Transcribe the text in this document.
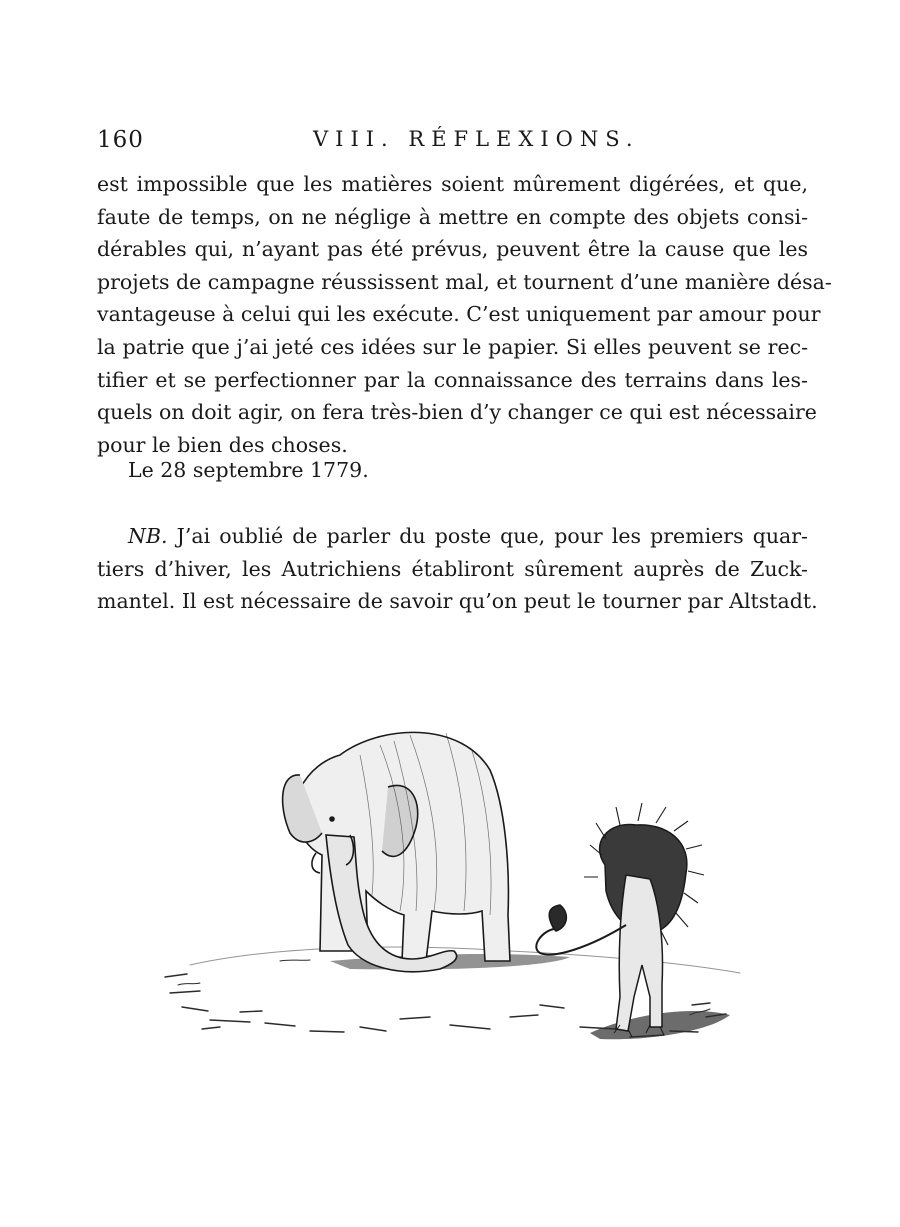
160	VIII. RÉFLEXIONS.
est impossible que les matières soient mûrement digérées, et que,
faute de temps, on ne néglige à mettre en compte des objets consi-
dérables qui, n’ayant pas été prévus, peuvent être la cause que les
projets de campagne réussissent mal, et tournent d’une manière désa-
vantageuse à celui qui les exécute. C’est uniquement par amour pour
la patrie que j’ai jeté ces idées sur le papier. Si elles peuvent se rec-
tifier et se perfectionner par la connaissance des terrains dans les-
quels on doit agir, on fera très-bien d’y changer ce qui est nécessaire
pour le bien des choses.
Le 28 septembre 1779.
NB. J’ai oublié de parler du poste que, pour les premiers quar-
tiers d’hiver, les Autrichiens établiront sûrement auprès de Zuck-
mantel. Il est nécessaire de savoir qu’on peut le tourner par Altstadt.
